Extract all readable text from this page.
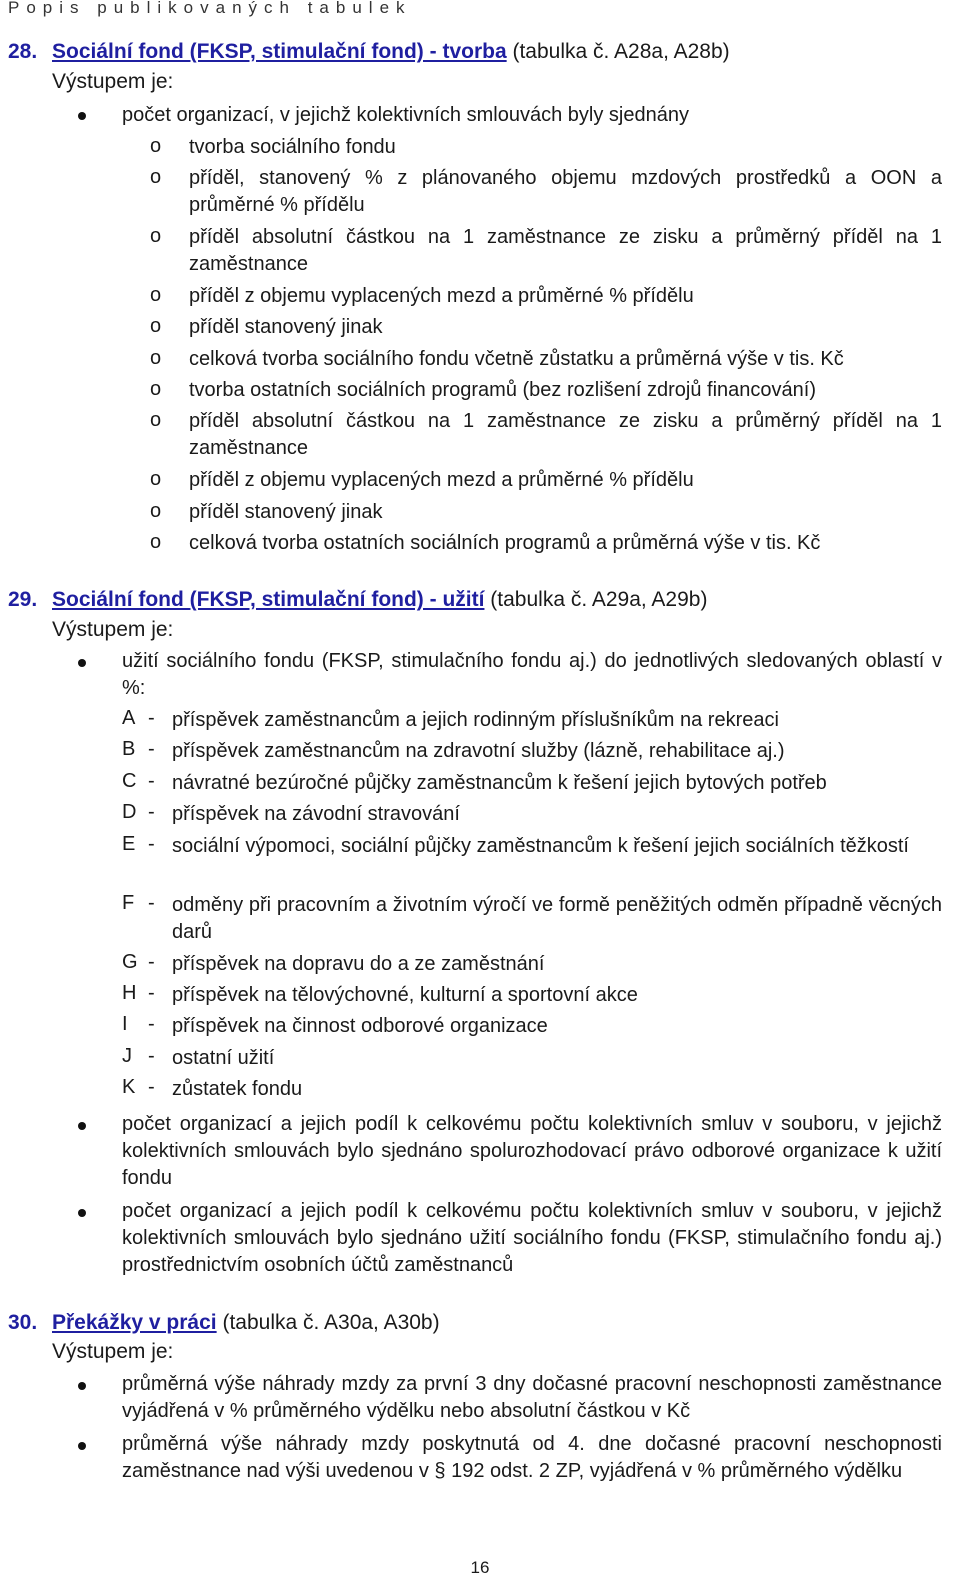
Popis publikovaných tabulek
28. Sociální fond (FKSP, stimulační fond) - tvorba (tabulka č. A28a, A28b)
Výstupem je:
počet organizací, v jejichž kolektivních smlouvách byly sjednány
o tvorba sociálního fondu
o příděl, stanovený % z plánovaného objemu mzdových prostředků a OON a průměrné % přídělu
o příděl absolutní částkou na 1 zaměstnance ze zisku a průměrný příděl na 1 zaměstnance
o příděl z objemu vyplacených mezd a průměrné % přídělu
o příděl stanovený jinak
o celková tvorba sociálního fondu včetně zůstatku a průměrná výše v tis. Kč
o tvorba ostatních sociálních programů (bez rozlišení zdrojů financování)
o příděl absolutní částkou na 1 zaměstnance ze zisku a průměrný příděl na 1 zaměstnance
o příděl z objemu vyplacených mezd a průměrné % přídělu
o příděl stanovený jinak
o celková tvorba ostatních sociálních programů a průměrná výše v tis. Kč
29. Sociální fond (FKSP, stimulační fond) - užití (tabulka č. A29a, A29b)
Výstupem je:
užití sociálního fondu (FKSP, stimulačního fondu aj.) do jednotlivých sledovaných oblastí v %:
A - příspěvek zaměstnancům a jejich rodinným příslušníkům na rekreaci
B - příspěvek zaměstnancům na zdravotní služby (lázně, rehabilitace aj.)
C - návratné bezúročné půjčky zaměstnancům k řešení jejich bytových potřeb
D - příspěvek na závodní stravování
E - sociální výpomoci, sociální půjčky zaměstnancům k řešení jejich sociálních těžkostí
F - odměny při pracovním a životním výročí ve formě peněžitých odměn případně věcných darů
G - příspěvek na dopravu do a ze zaměstnání
H - příspěvek na tělovýchovné, kulturní a sportovní akce
I - příspěvek na činnost odborové organizace
J - ostatní užití
K - zůstatek fondu
počet organizací a jejich podíl k celkovému počtu kolektivních smluv v souboru, v jejichž kolektivních smlouvách bylo sjednáno spolurozhodovací právo odborové organizace k užití fondu
počet organizací a jejich podíl k celkovému počtu kolektivních smluv v souboru, v jejichž kolektivních smlouvách bylo sjednáno užití sociálního fondu (FKSP, stimulačního fondu aj.) prostřednictvím osobních účtů zaměstnanců
30. Překážky v práci (tabulka č. A30a, A30b)
Výstupem je:
průměrná výše náhrady mzdy za první 3 dny dočasné pracovní neschopnosti zaměstnance vyjádřená v % průměrného výdělku nebo absolutní částkou v Kč
průměrná výše náhrady mzdy poskytnutá od 4. dne dočasné pracovní neschopnosti zaměstnance nad výši uvedenou v § 192 odst. 2 ZP, vyjádřená v % průměrného výdělku
16
